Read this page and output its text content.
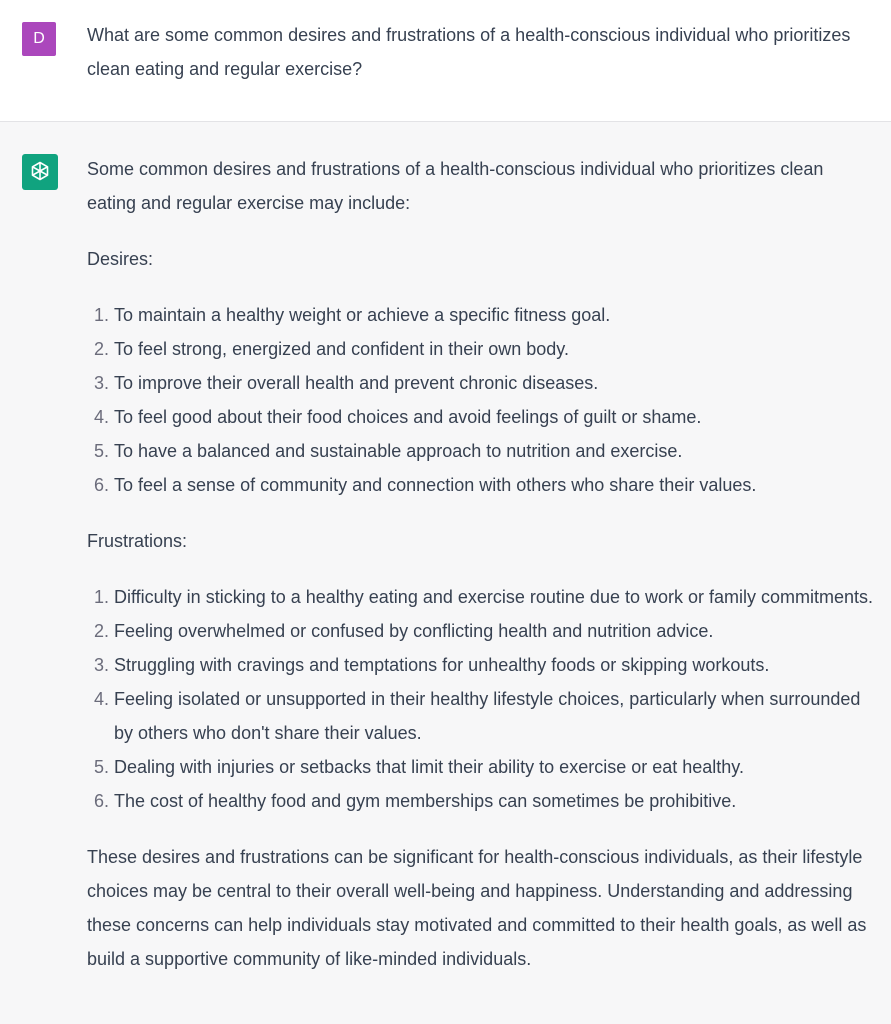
D	What are some common desires and frustrations of a health-conscious individual who prioritizes clean eating and regular exercise?

Some common desires and frustrations of a health-conscious individual who prioritizes clean eating and regular exercise may include:

Desires:

1. To maintain a healthy weight or achieve a specific fitness goal.
2. To feel strong, energized and confident in their own body.
3. To improve their overall health and prevent chronic diseases.
4. To feel good about their food choices and avoid feelings of guilt or shame.
5. To have a balanced and sustainable approach to nutrition and exercise.
6. To feel a sense of community and connection with others who share their values.

Frustrations:

1. Difficulty in sticking to a healthy eating and exercise routine due to work or family commitments.
2. Feeling overwhelmed or confused by conflicting health and nutrition advice.
3. Struggling with cravings and temptations for unhealthy foods or skipping workouts.
4. Feeling isolated or unsupported in their healthy lifestyle choices, particularly when surrounded by others who don't share their values.
5. Dealing with injuries or setbacks that limit their ability to exercise or eat healthy.
6. The cost of healthy food and gym memberships can sometimes be prohibitive.

These desires and frustrations can be significant for health-conscious individuals, as their lifestyle choices may be central to their overall well-being and happiness. Understanding and addressing these concerns can help individuals stay motivated and committed to their health goals, as well as build a supportive community of like-minded individuals.
